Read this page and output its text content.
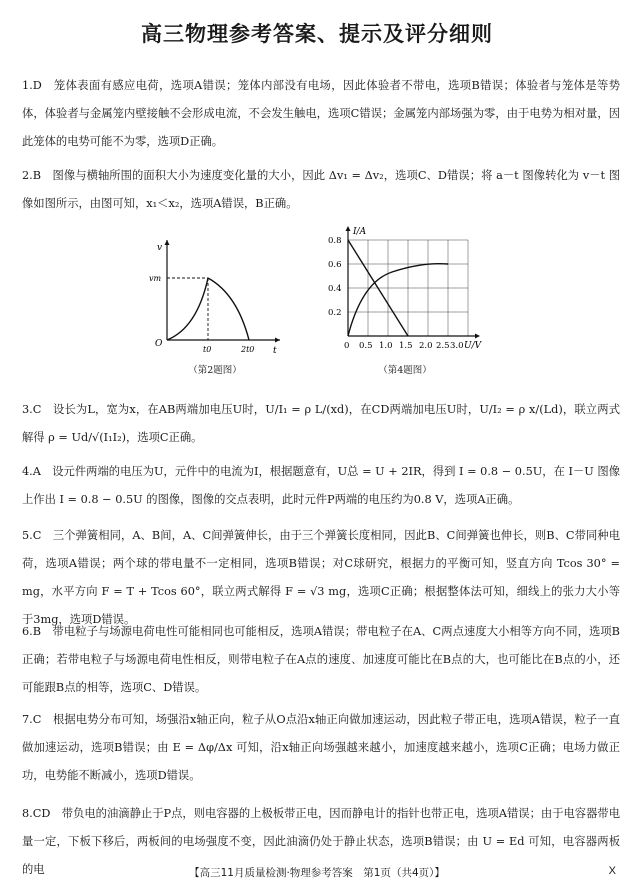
高三物理参考答案、提示及评分细则
1.D　笼体表面有感应电荷，选项A错误；笼体内部没有电场，因此体验者不带电，选项B错误；体验者与笼体是等势体，体验者与金属笼内壁接触不会形成电流，不会发生触电，选项C错误；金属笼内部场强为零，由于电势为相对量，因此笼体的电势可能不为零，选项D正确。
2.B　图像与横轴所围的面积大小为速度变化量的大小，因此 Δv₁ = Δv₂，选项C、D错误；将 a－t 图像转化为 v－t 图像如图所示，由图可知，x₁＜x₂，选项A错误，B正确。
v
t
O
vm
t0	2t0
（第2题图）
I/A
U/V
0.8
0.6
0.4
0.2
0 0.5 1.0 1.5 2.0 2.5 3.0
（第4题图）
3.C　设长为L，宽为x，在AB两端加电压U时，U/I₁ = ρ L/(xd)，在CD两端加电压U时，U/I₂ = ρ x/(Ld)，联立两式解得 ρ = Ud/√(I₁I₂)，选项C正确。
4.A　设元件两端的电压为U，元件中的电流为I，根据题意有，U总 = U + 2IR，得到 I = 0.8 − 0.5U，在 I－U 图像上作出 I = 0.8 − 0.5U 的图像，图像的交点表明，此时元件P两端的电压约为0.8 V，选项A正确。
5.C　三个弹簧相同，A、B间，A、C间弹簧伸长，由于三个弹簧长度相同，因此B、C间弹簧也伸长，则B、C带同种电荷，选项A错误；两个球的带电量不一定相同，选项B错误；对C球研究，根据力的平衡可知，竖直方向 Tcos 30° = mg，水平方向 F = T + Tcos 60°，联立两式解得 F = √3 mg，选项C正确；根据整体法可知，细线上的张力大小等于3mg，选项D错误。
6.B　带电粒子与场源电荷电性可能相同也可能相反，选项A错误；带电粒子在A、C两点速度大小相等方向不同，选项B正确；若带电粒子与场源电荷电性相反，则带电粒子在A点的速度、加速度可能比在B点的大，也可能比在B点的小，还可能跟B点的相等，选项C、D错误。
7.C　根据电势分布可知，场强沿x轴正向，粒子从O点沿x轴正向做加速运动，因此粒子带正电，选项A错误，粒子一直做加速运动，选项B错误；由 E = Δφ/Δx 可知，沿x轴正向场强越来越小，加速度越来越小，选项C正确；电场力做正功，电势能不断减小，选项D错误。
8.CD　带负电的油滴静止于P点，则电容器的上极板带正电，因而静电计的指针也带正电，选项A错误；由于电容器带电量一定，下板下移后，两板间的电场强度不变，因此油滴仍处于静止状态，选项B错误；由 U = Ed 可知，电容器两板的电	【高三11月质量检测·物理参考答案　第1页（共4页）】	X
